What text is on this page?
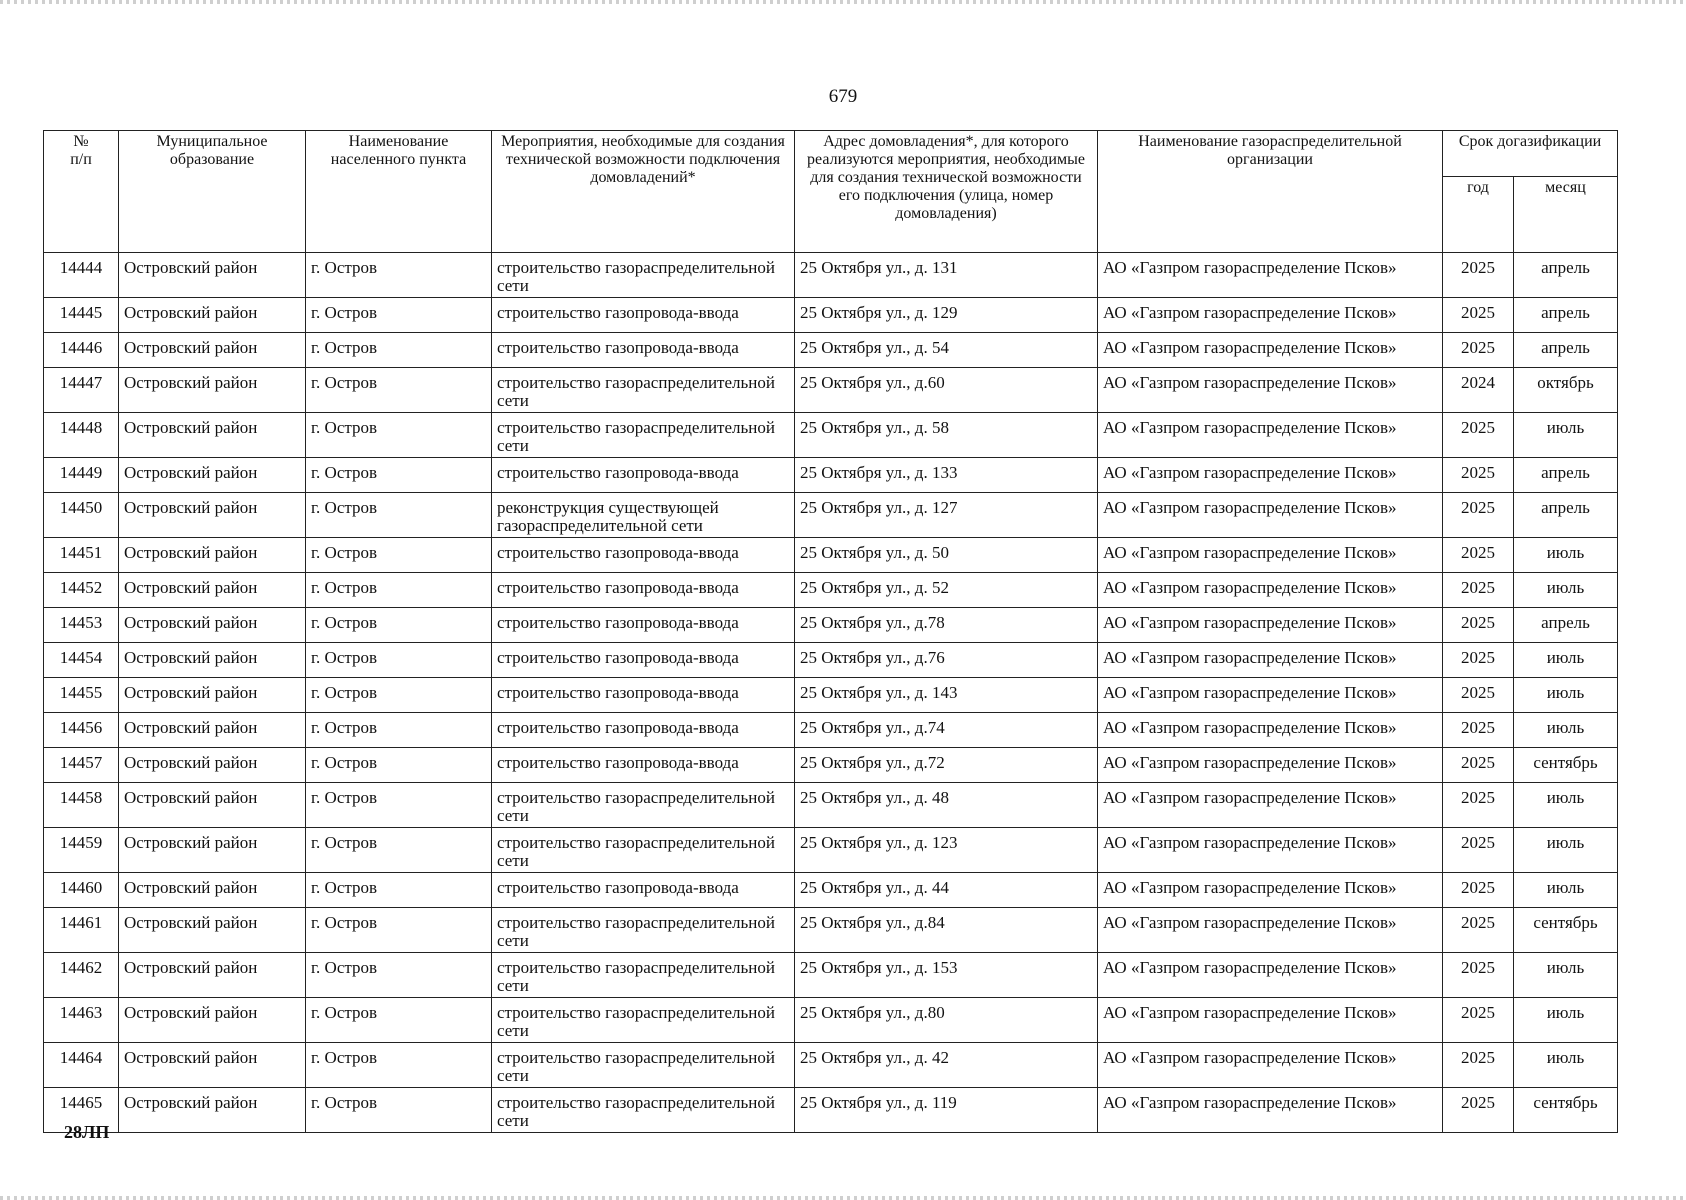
679
№
п/п	Муниципальное образование	Наименование населенного пункта	Мероприятия, необходимые для создания технической возможности подключения домовладений*	Адрес домовладения*, для которого реализуются мероприятия, необходимые для создания технической возможности его подключения (улица, номер домовладения)	Наименование газораспределительной организации	Срок догазификации	
						год	месяц
14444	Островский район	г. Остров	строительство газораспределительной сети	25 Октября ул., д. 131	АО «Газпром газораспределение Псков»	2025	апрель
14445	Островский район	г. Остров	строительство газопровода-ввода	25 Октября ул., д. 129	АО «Газпром газораспределение Псков»	2025	апрель
14446	Островский район	г. Остров	строительство газопровода-ввода	25 Октября ул., д. 54	АО «Газпром газораспределение Псков»	2025	апрель
14447	Островский район	г. Остров	строительство газораспределительной сети	25 Октября ул., д.60	АО «Газпром газораспределение Псков»	2024	октябрь
14448	Островский район	г. Остров	строительство газораспределительной сети	25 Октября ул., д. 58	АО «Газпром газораспределение Псков»	2025	июль
14449	Островский район	г. Остров	строительство газопровода-ввода	25 Октября ул., д. 133	АО «Газпром газораспределение Псков»	2025	апрель
14450	Островский район	г. Остров	реконструкция существующей газораспределительной сети	25 Октября ул., д. 127	АО «Газпром газораспределение Псков»	2025	апрель
14451	Островский район	г. Остров	строительство газопровода-ввода	25 Октября ул., д. 50	АО «Газпром газораспределение Псков»	2025	июль
14452	Островский район	г. Остров	строительство газопровода-ввода	25 Октября ул., д. 52	АО «Газпром газораспределение Псков»	2025	июль
14453	Островский район	г. Остров	строительство газопровода-ввода	25 Октября ул., д.78	АО «Газпром газораспределение Псков»	2025	апрель
14454	Островский район	г. Остров	строительство газопровода-ввода	25 Октября ул., д.76	АО «Газпром газораспределение Псков»	2025	июль
14455	Островский район	г. Остров	строительство газопровода-ввода	25 Октября ул., д. 143	АО «Газпром газораспределение Псков»	2025	июль
14456	Островский район	г. Остров	строительство газопровода-ввода	25 Октября ул., д.74	АО «Газпром газораспределение Псков»	2025	июль
14457	Островский район	г. Остров	строительство газопровода-ввода	25 Октября ул., д.72	АО «Газпром газораспределение Псков»	2025	сентябрь
14458	Островский район	г. Остров	строительство газораспределительной сети	25 Октября ул., д. 48	АО «Газпром газораспределение Псков»	2025	июль
14459	Островский район	г. Остров	строительство газораспределительной сети	25 Октября ул., д. 123	АО «Газпром газораспределение Псков»	2025	июль
14460	Островский район	г. Остров	строительство газопровода-ввода	25 Октября ул., д. 44	АО «Газпром газораспределение Псков»	2025	июль
14461	Островский район	г. Остров	строительство газораспределительной сети	25 Октября ул., д.84	АО «Газпром газораспределение Псков»	2025	сентябрь
14462	Островский район	г. Остров	строительство газораспределительной сети	25 Октября ул., д. 153	АО «Газпром газораспределение Псков»	2025	июль
14463	Островский район	г. Остров	строительство газораспределительной сети	25 Октября ул., д.80	АО «Газпром газораспределение Псков»	2025	июль
14464	Островский район	г. Остров	строительство газораспределительной сети	25 Октября ул., д. 42	АО «Газпром газораспределение Псков»	2025	июль
14465	Островский район	г. Остров	строительство газораспределительной сети	25 Октября ул., д. 119	АО «Газпром газораспределение Псков»	2025	сентябрь
28ЛП
